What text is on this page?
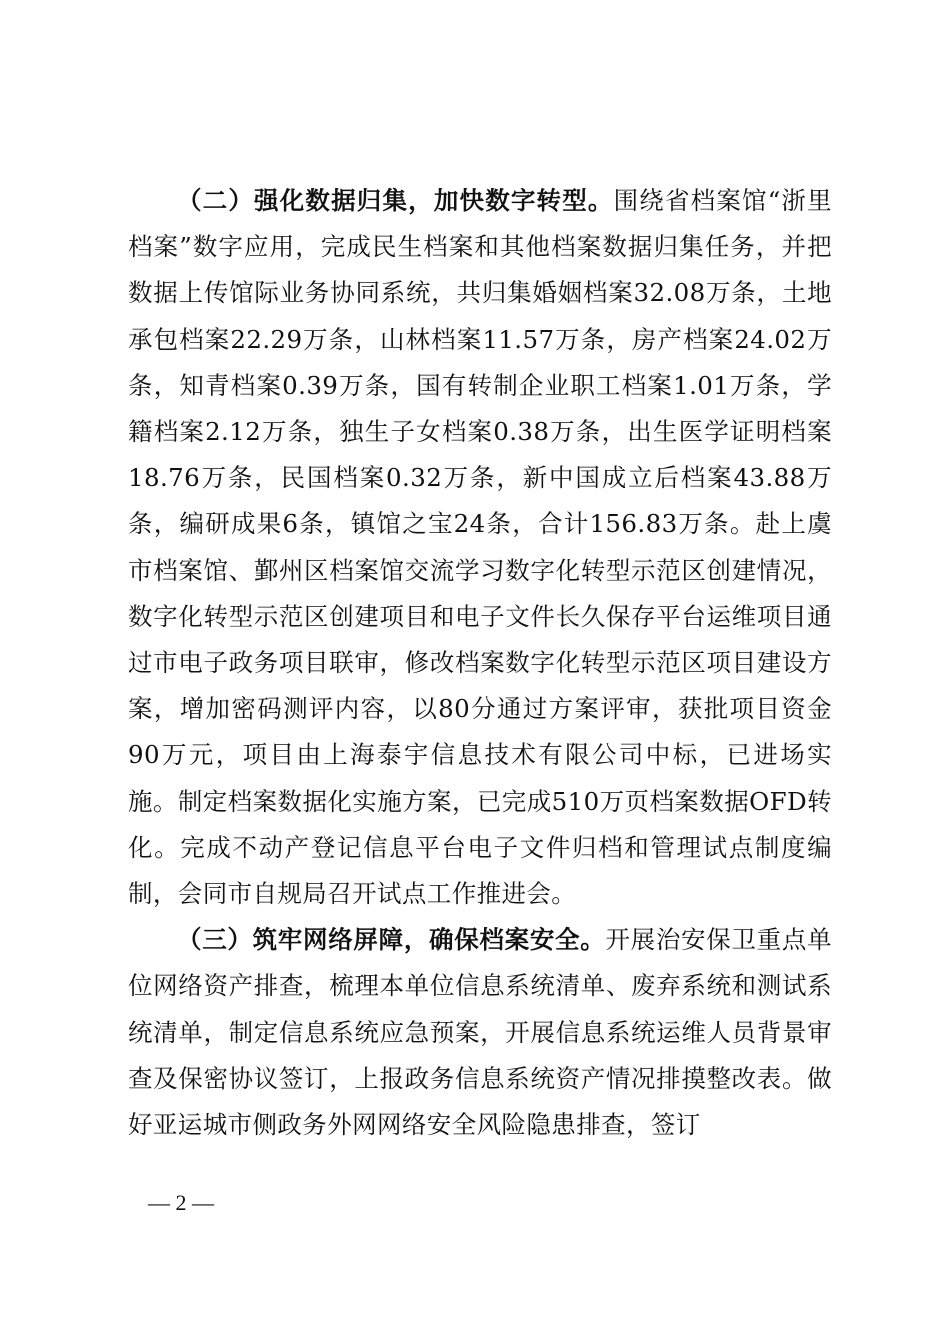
（二）强化数据归集，加快数字转型。围绕省档案馆“浙里档案”数字应用，完成民生档案和其他档案数据归集任务，并把数据上传馆际业务协同系统，共归集婚姻档案32.08万条，土地承包档案22.29万条，山林档案11.57万条，房产档案24.02万条，知青档案0.39万条，国有转制企业职工档案1.01万条，学籍档案2.12万条，独生子女档案0.38万条，出生医学证明档案18.76万条，民国档案0.32万条，新中国成立后档案43.88万条，编研成果6条，镇馆之宝24条，合计156.83万条。赴上虞市档案馆、鄞州区档案馆交流学习数字化转型示范区创建情况，数字化转型示范区创建项目和电子文件长久保存平台运维项目通过市电子政务项目联审，修改档案数字化转型示范区项目建设方案，增加密码测评内容，以80分通过方案评审，获批项目资金90万元，项目由上海泰宇信息技术有限公司中标，已进场实施。制定档案数据化实施方案，已完成510万页档案数据OFD转化。完成不动产登记信息平台电子文件归档和管理试点制度编制，会同市自规局召开试点工作推进会。

（三）筑牢网络屏障，确保档案安全。开展治安保卫重点单位网络资产排查，梳理本单位信息系统清单、废弃系统和测试系统清单，制定信息系统应急预案，开展信息系统运维人员背景审查及保密协议签订，上报政务信息系统资产情况排摸整改表。做好亚运城市侧政务外网网络安全风险隐患排查，签订

— 2 —
